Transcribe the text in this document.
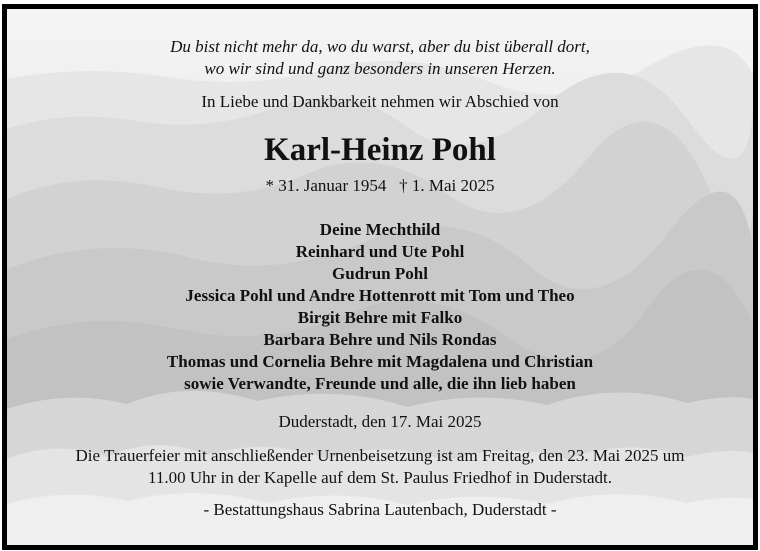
Du bist nicht mehr da, wo du warst, aber du bist überall dort,
wo wir sind und ganz besonders in unseren Herzen.
In Liebe und Dankbarkeit nehmen wir Abschied von
Karl-Heinz Pohl
* 31. Januar 1954   † 1. Mai 2025
Deine Mechthild
Reinhard und Ute Pohl
Gudrun Pohl
Jessica Pohl und Andre Hottenrott mit Tom und Theo
Birgit Behre mit Falko
Barbara Behre und Nils Rondas
Thomas und Cornelia Behre mit Magdalena und Christian
sowie Verwandte, Freunde und alle, die ihn lieb haben
Duderstadt, den 17. Mai 2025
Die Trauerfeier mit anschließender Urnenbeisetzung ist am Freitag, den 23. Mai 2025 um
11.00 Uhr in der Kapelle auf dem St. Paulus Friedhof in Duderstadt.
- Bestattungshaus Sabrina Lautenbach, Duderstadt -
